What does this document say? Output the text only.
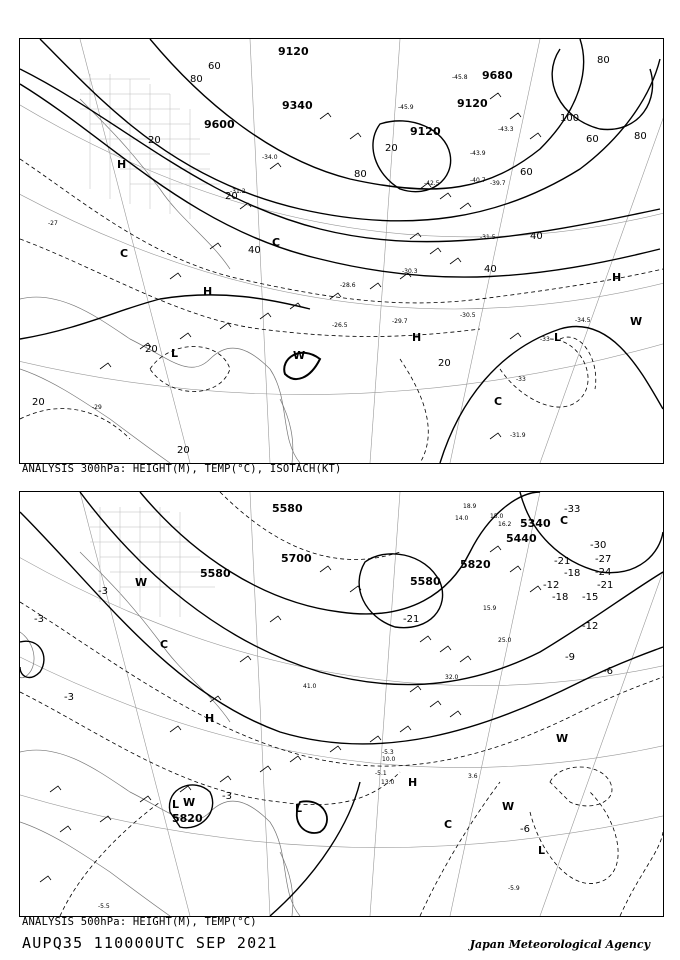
9120
9340
9600
9120
9120
9680
80
60
100
80
60	80
40
40
60
80
20
20
40
20
20
20
20
20
-45.9
-43.9
-45.8
-42.5
-43.3
-40.7 -39.7
-34.0
-31.2
-30.3
-31.5
-28.6
-26.5
-29.7
-30.5
-34.5
-31.9
-33
-33
-27
-29
H
C
H
L	W
H
H
W
C
L
C
ANALYSIS 300hPa: HEIGHT(M), TEMP(°C), ISOTACH(KT)
5580
5700
5580
5820
5440
5580
5340
5820
-33
-30
-27
-24
-21
-18 -15
-12
-9
-6
-3
-3
-3
-3
-6
-21
-21
-18
-12
-5.9
-5.3
-5.1
-5.5
14.0	15.0
18.9
16.2
15.9
25.0
32.0
41.0
13.0
10.0
3.6
W
C
H
L W	L
H
C
W
L
W
C
ANALYSIS 500hPa: HEIGHT(M), TEMP(°C)
AUPQ35 110000UTC SEP 2021	Japan Meteorological Agency
